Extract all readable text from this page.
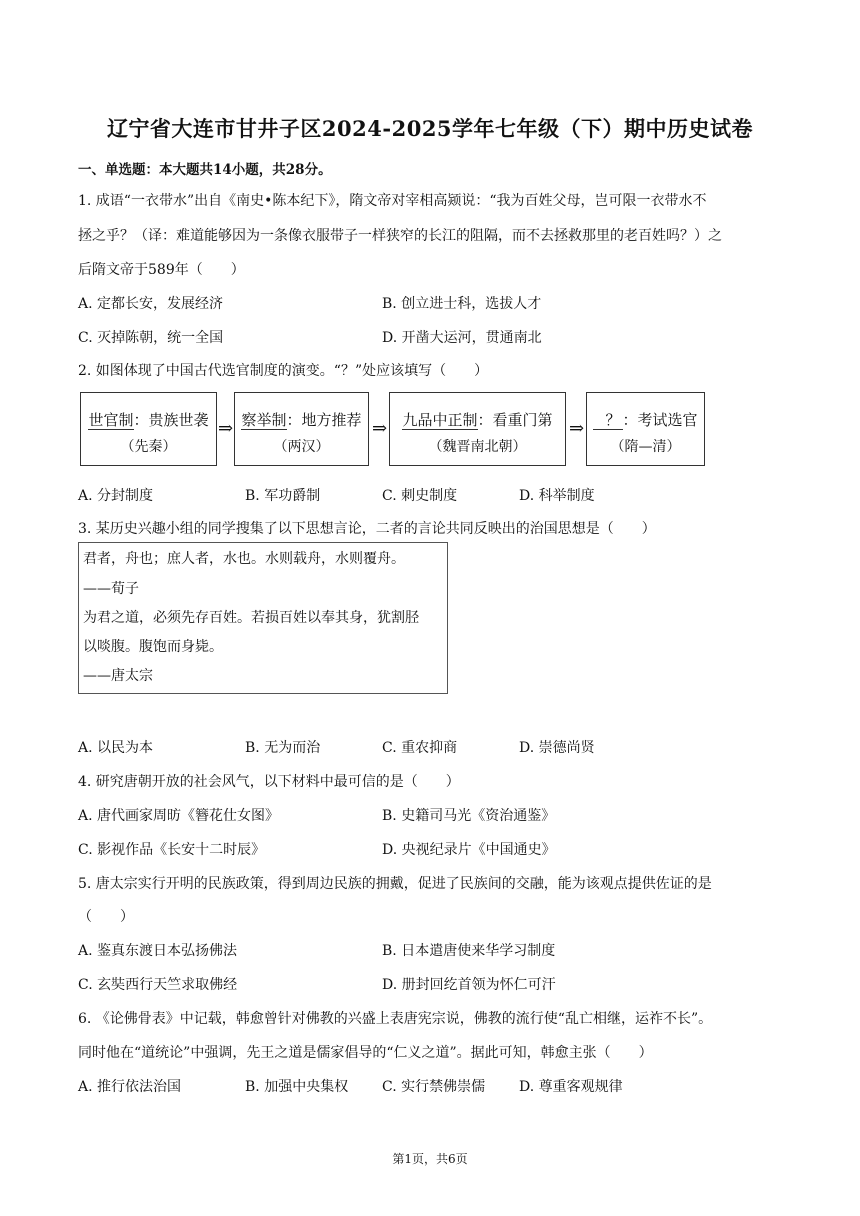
辽宁省大连市甘井子区2024-2025学年七年级（下）期中历史试卷
一、单选题：本大题共14小题，共28分。
1. 成语“一衣带水”出自《南史•陈本纪下》，隋文帝对宰相高颎说：“我为百姓父母，岂可限一衣带水不
拯之乎？（译：难道能够因为一条像衣服带子一样狭窄的长江的阻隔，而不去拯救那里的老百姓吗？）之
后隋文帝于589年（　　）
A. 定都长安，发展经济	B. 创立进士科，选拔人才
C. 灭掉陈朝，统一全国	D. 开凿大运河，贯通南北
2. 如图体现了中国古代选官制度的演变。“？”处应该填写（　　）
世官制：贵族世袭
（先秦）
⇒ 察举制：地方推荐
（两汉）
⇒	九品中正制：看重门第
（魏晋南北朝）
⇒	？ ：考试选官
（隋—清）
A. 分封制度	B. 军功爵制	C. 刺史制度	D. 科举制度
3. 某历史兴趣小组的同学搜集了以下思想言论，二者的言论共同反映出的治国思想是（　　）
君者，舟也；庶人者，水也。水则载舟，水则覆舟。
——荀子
为君之道，必须先存百姓。若损百姓以奉其身，犹割胫
以啖腹。腹饱而身毙。
——唐太宗
A. 以民为本	B. 无为而治	C. 重农抑商	D. 崇德尚贤
4. 研究唐朝开放的社会风气，以下材料中最可信的是（　　）
A. 唐代画家周昉《簪花仕女图》	B. 史籍司马光《资治通鉴》
C. 影视作品《长安十二时辰》	D. 央视纪录片《中国通史》
5. 唐太宗实行开明的民族政策，得到周边民族的拥戴，促进了民族间的交融，能为该观点提供佐证的是
（　　）
A. 鉴真东渡日本弘扬佛法	B. 日本遣唐使来华学习制度
C. 玄奘西行天竺求取佛经	D. 册封回纥首领为怀仁可汗
6. 《论佛骨表》中记载，韩愈曾针对佛教的兴盛上表唐宪宗说，佛教的流行使“乱亡相继，运祚不长”。
同时他在“道统论”中强调，先王之道是儒家倡导的“仁义之道”。据此可知，韩愈主张（　　）
A. 推行依法治国	B. 加强中央集权 C. 实行禁佛崇儒 D. 尊重客观规律
第1页，共6页
